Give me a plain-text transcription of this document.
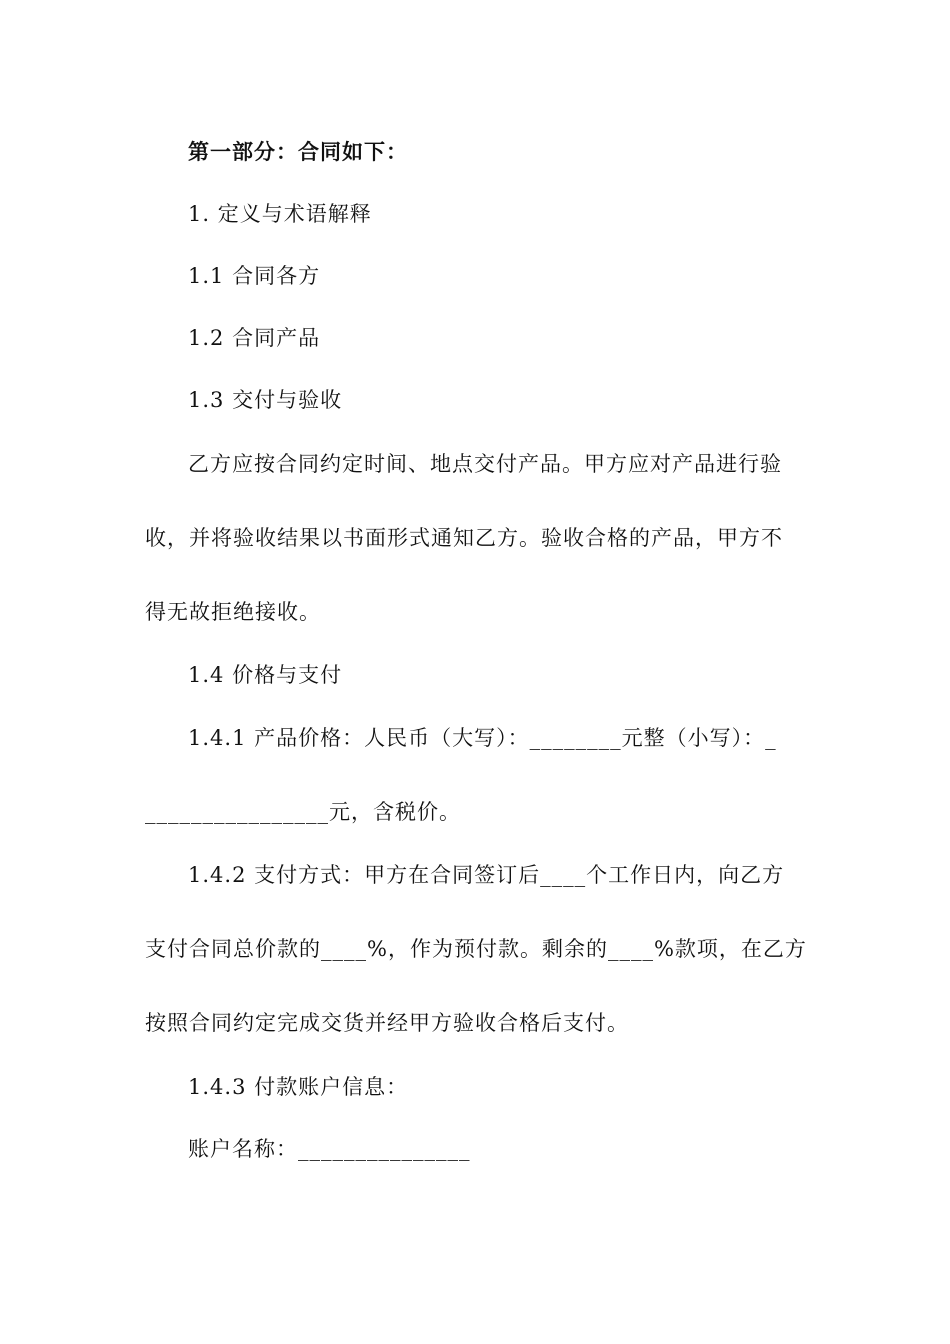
第一部分：合同如下：
1. 定义与术语解释
1.1 合同各方
1.2 合同产品
1.3 交付与验收
乙方应按合同约定时间、地点交付产品。甲方应对产品进行验
收，并将验收结果以书面形式通知乙方。验收合格的产品，甲方不
得无故拒绝接收。
1.4 价格与支付
1.4.1 产品价格：人民币（大写）：________元整（小写）：_
________________元，含税价。
1.4.2 支付方式：甲方在合同签订后____个工作日内，向乙方
支付合同总价款的____%，作为预付款。剩余的____%款项，在乙方
按照合同约定完成交货并经甲方验收合格后支付。
1.4.3 付款账户信息：
账户名称：_______________
